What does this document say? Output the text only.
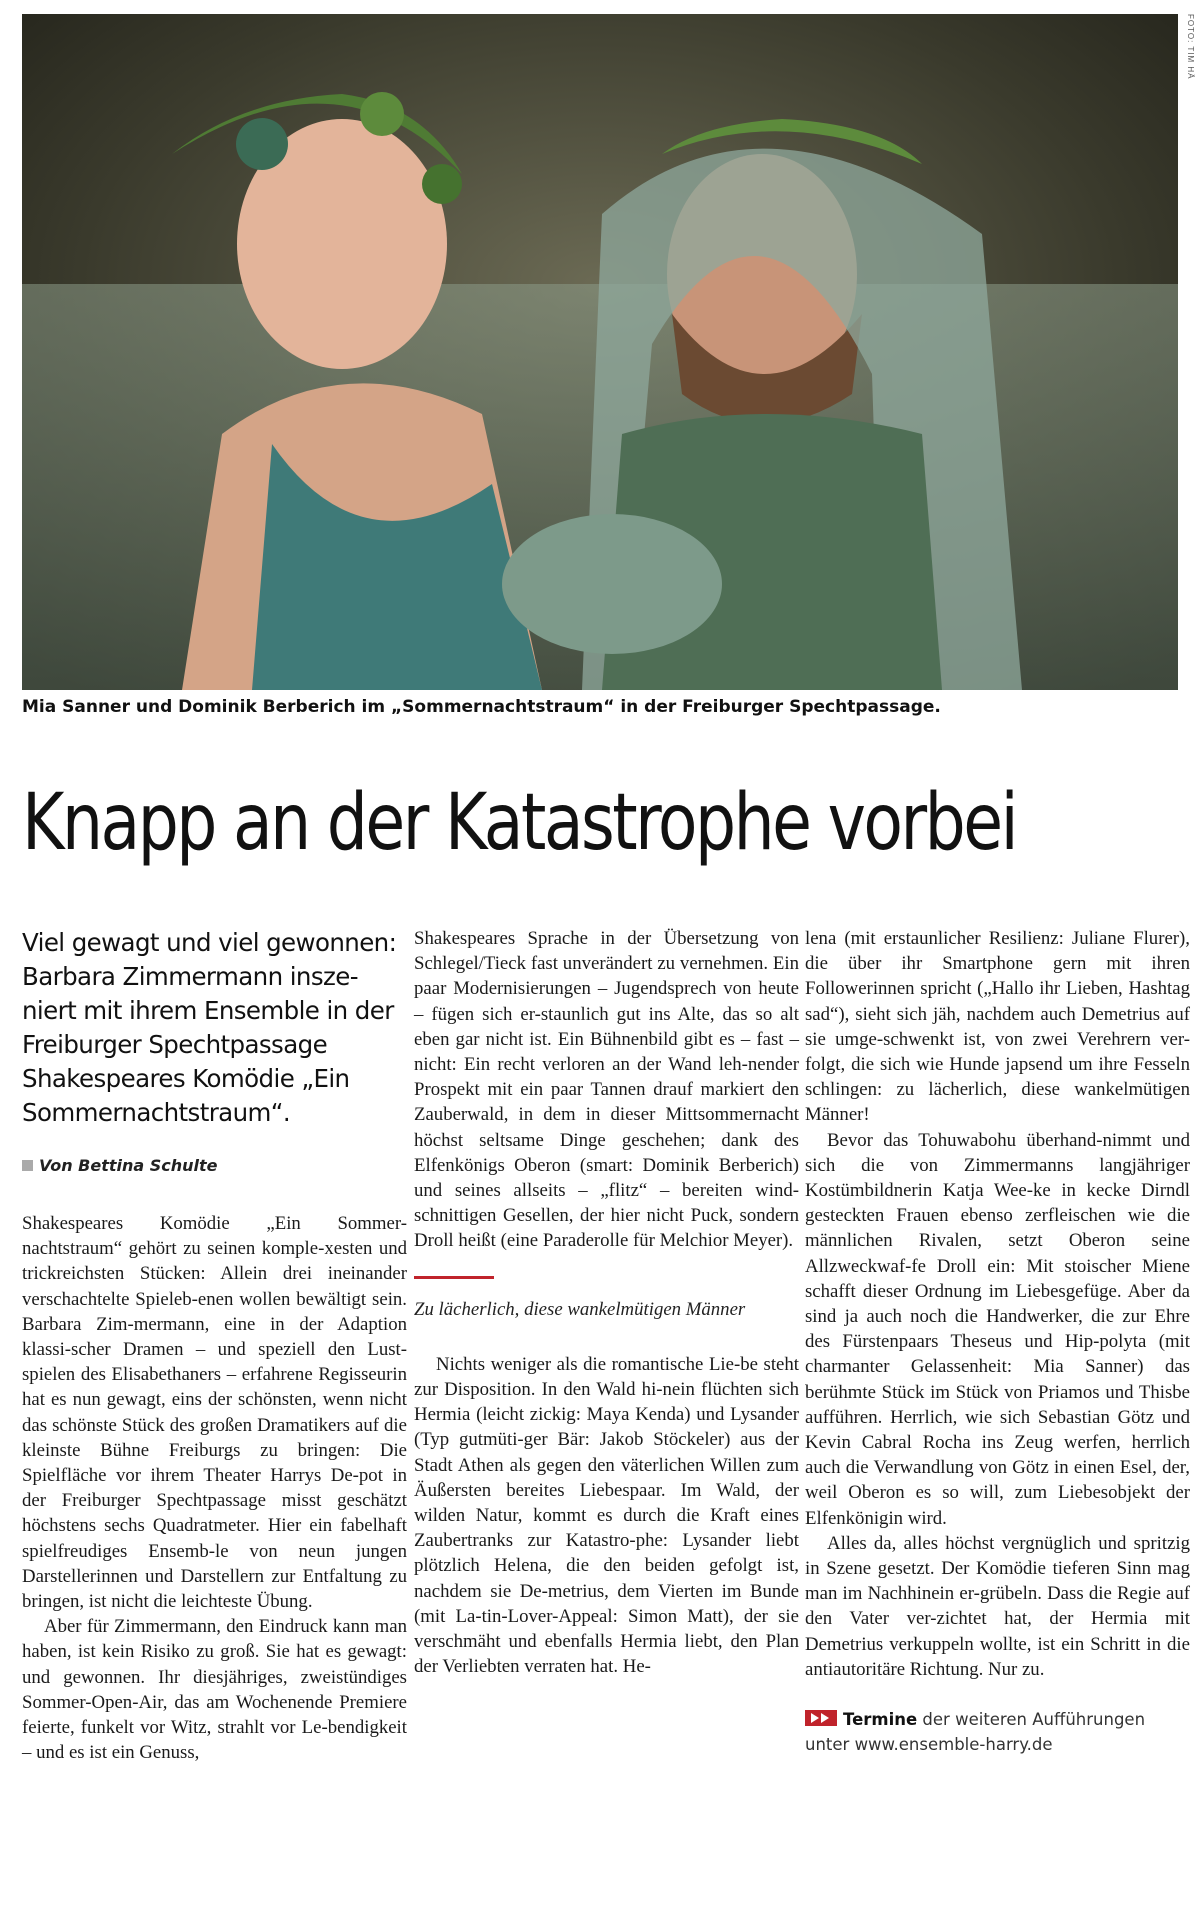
FOTO: TIM HÄ
Mia Sanner und Dominik Berberich im „Sommernachtstraum“ in der Freiburger Spechtpassage.
Knapp an der Katastrophe vorbei

Viel gewagt und viel gewonnen: Barbara Zimmermann insze-niert mit ihrem Ensemble in der Freiburger Spechtpassage Shakespeares Komödie „Ein Sommernachtstraum“.

Von Bettina Schulte

Shakespeares Komödie „Ein Sommer-nachtstraum“ gehört zu seinen komple-xesten und trickreichsten Stücken: Allein drei ineinander verschachtelte Spieleb-enen wollen bewältigt sein. Barbara Zim-mermann, eine in der Adaption klassi-scher Dramen – und speziell den Lust-spielen des Elisabethaners – erfahrene Regisseurin hat es nun gewagt, eins der schönsten, wenn nicht das schönste Stück des großen Dramatikers auf die kleinste Bühne Freiburgs zu bringen: Die Spielfläche vor ihrem Theater Harrys De-pot in der Freiburger Spechtpassage misst geschätzt höchstens sechs Quadratmeter. Hier ein fabelhaft spielfreudiges Ensemb-le von neun jungen Darstellerinnen und Darstellern zur Entfaltung zu bringen, ist nicht die leichteste Übung.

Aber für Zimmermann, den Eindruck kann man haben, ist kein Risiko zu groß. Sie hat es gewagt: und gewonnen. Ihr diesjähriges, zweistündiges Sommer-Open-Air, das am Wochenende Premiere feierte, funkelt vor Witz, strahlt vor Le-bendigkeit – und es ist ein Genuss,

Shakespeares Sprache in der Übersetzung von Schlegel/Tieck fast unverändert zu vernehmen. Ein paar Modernisierungen – Jugendsprech von heute – fügen sich er-staunlich gut ins Alte, das so alt eben gar nicht ist. Ein Bühnenbild gibt es – fast – nicht: Ein recht verloren an der Wand leh-nender Prospekt mit ein paar Tannen drauf markiert den Zauberwald, in dem in dieser Mittsommernacht höchst seltsame Dinge geschehen; dank des Elfenkönigs Oberon (smart: Dominik Berberich) und seines allseits – „flitz“ – bereiten wind-schnittigen Gesellen, der hier nicht Puck, sondern Droll heißt (eine Paraderolle für Melchior Meyer).

Zu lächerlich, diese wankelmütigen Männer

Nichts weniger als die romantische Lie-be steht zur Disposition. In den Wald hi-nein flüchten sich Hermia (leicht zickig: Maya Kenda) und Lysander (Typ gutmüti-ger Bär: Jakob Stöckeler) aus der Stadt Athen als gegen den väterlichen Willen zum Äußersten bereites Liebespaar. Im Wald, der wilden Natur, kommt es durch die Kraft eines Zaubertranks zur Katastro-phe: Lysander liebt plötzlich Helena, die den beiden gefolgt ist, nachdem sie De-metrius, dem Vierten im Bunde (mit La-tin-Lover-Appeal: Simon Matt), der sie verschmäht und ebenfalls Hermia liebt, den Plan der Verliebten verraten hat. He-

lena (mit erstaunlicher Resilienz: Juliane Flurer), die über ihr Smartphone gern mit ihren Followerinnen spricht („Hallo ihr Lieben, Hashtag sad“), sieht sich jäh, nachdem auch Demetrius auf sie umge-schwenkt ist, von zwei Verehrern ver-folgt, die sich wie Hunde japsend um ihre Fesseln schlingen: zu lächerlich, diese wankelmütigen Männer!

Bevor das Tohuwabohu überhand-nimmt und sich die von Zimmermanns langjähriger Kostümbildnerin Katja Wee-ke in kecke Dirndl gesteckten Frauen ebenso zerfleischen wie die männlichen Rivalen, setzt Oberon seine Allzweckwaf-fe Droll ein: Mit stoischer Miene schafft dieser Ordnung im Liebesgefüge. Aber da sind ja auch noch die Handwerker, die zur Ehre des Fürstenpaars Theseus und Hip-polyta (mit charmanter Gelassenheit: Mia Sanner) das berühmte Stück im Stück von Priamos und Thisbe aufführen. Herrlich, wie sich Sebastian Götz und Kevin Cabral Rocha ins Zeug werfen, herrlich auch die Verwandlung von Götz in einen Esel, der, weil Oberon es so will, zum Liebesobjekt der Elfenkönigin wird.

Alles da, alles höchst vergnüglich und spritzig in Szene gesetzt. Der Komödie tieferen Sinn mag man im Nachhinein er-grübeln. Dass die Regie auf den Vater ver-zichtet hat, der Hermia mit Demetrius verkuppeln wollte, ist ein Schritt in die antiautoritäre Richtung. Nur zu.

Termine der weiteren Aufführungen unter www.ensemble-harry.de
